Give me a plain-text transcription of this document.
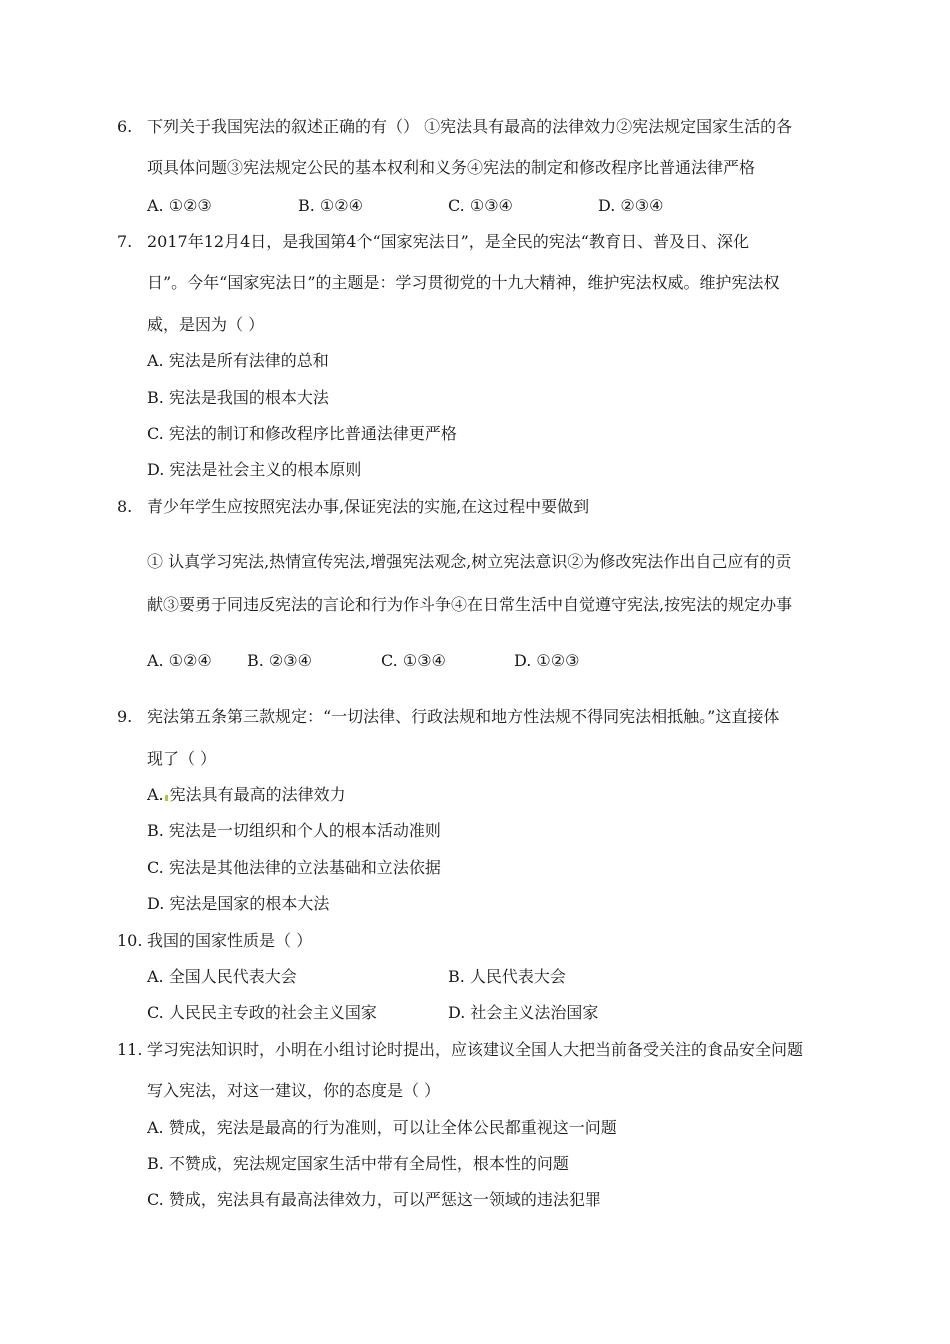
6. 下列关于我国宪法的叙述正确的有（） ①宪法具有最高的法律效力②宪法规定国家生活的各
项具体问题③宪法规定公民的基本权利和义务④宪法的制定和修改程序比普通法律严格
A. ①②③	B. ①②④	C. ①③④	D. ②③④
7. 2017年12月4日，是我国第4个“国家宪法日”，是全民的宪法“教育日、普及日、深化
日”。今年“国家宪法日”的主题是：学习贯彻党的十九大精神，维护宪法权威。维护宪法权
威，是因为（ ）
A. 宪法是所有法律的总和
B. 宪法是我国的根本大法
C. 宪法的制订和修改程序比普通法律更严格
D. 宪法是社会主义的根本原则
8. 青少年学生应按照宪法办事,保证宪法的实施,在这过程中要做到
① 认真学习宪法,热情宣传宪法,增强宪法观念,树立宪法意识②为修改宪法作出自己应有的贡
献③要勇于同违反宪法的言论和行为作斗争④在日常生活中自觉遵守宪法,按宪法的规定办事
A. ①②④ B. ②③④	C. ①③④	D. ①②③
9. 宪法第五条第三款规定：“一切法律、行政法规和地方性法规不得同宪法相抵触。”这直接体
现了（ ）
A. 宪法具有最高的法律效力
B. 宪法是一切组织和个人的根本活动准则
C. 宪法是其他法律的立法基础和立法依据
D. 宪法是国家的根本大法
10. 我国的国家性质是（ ）
A. 全国人民代表大会	B. 人民代表大会
C. 人民民主专政的社会主义国家	D. 社会主义法治国家
11. 学习宪法知识时，小明在小组讨论时提出，应该建议全国人大把当前备受关注的食品安全问题
写入宪法，对这一建议，你的态度是（ ）
A. 赞成，宪法是最高的行为准则，可以让全体公民都重视这一问题
B. 不赞成，宪法规定国家生活中带有全局性，根本性的问题
C. 赞成，宪法具有最高法律效力，可以严惩这一领域的违法犯罪
